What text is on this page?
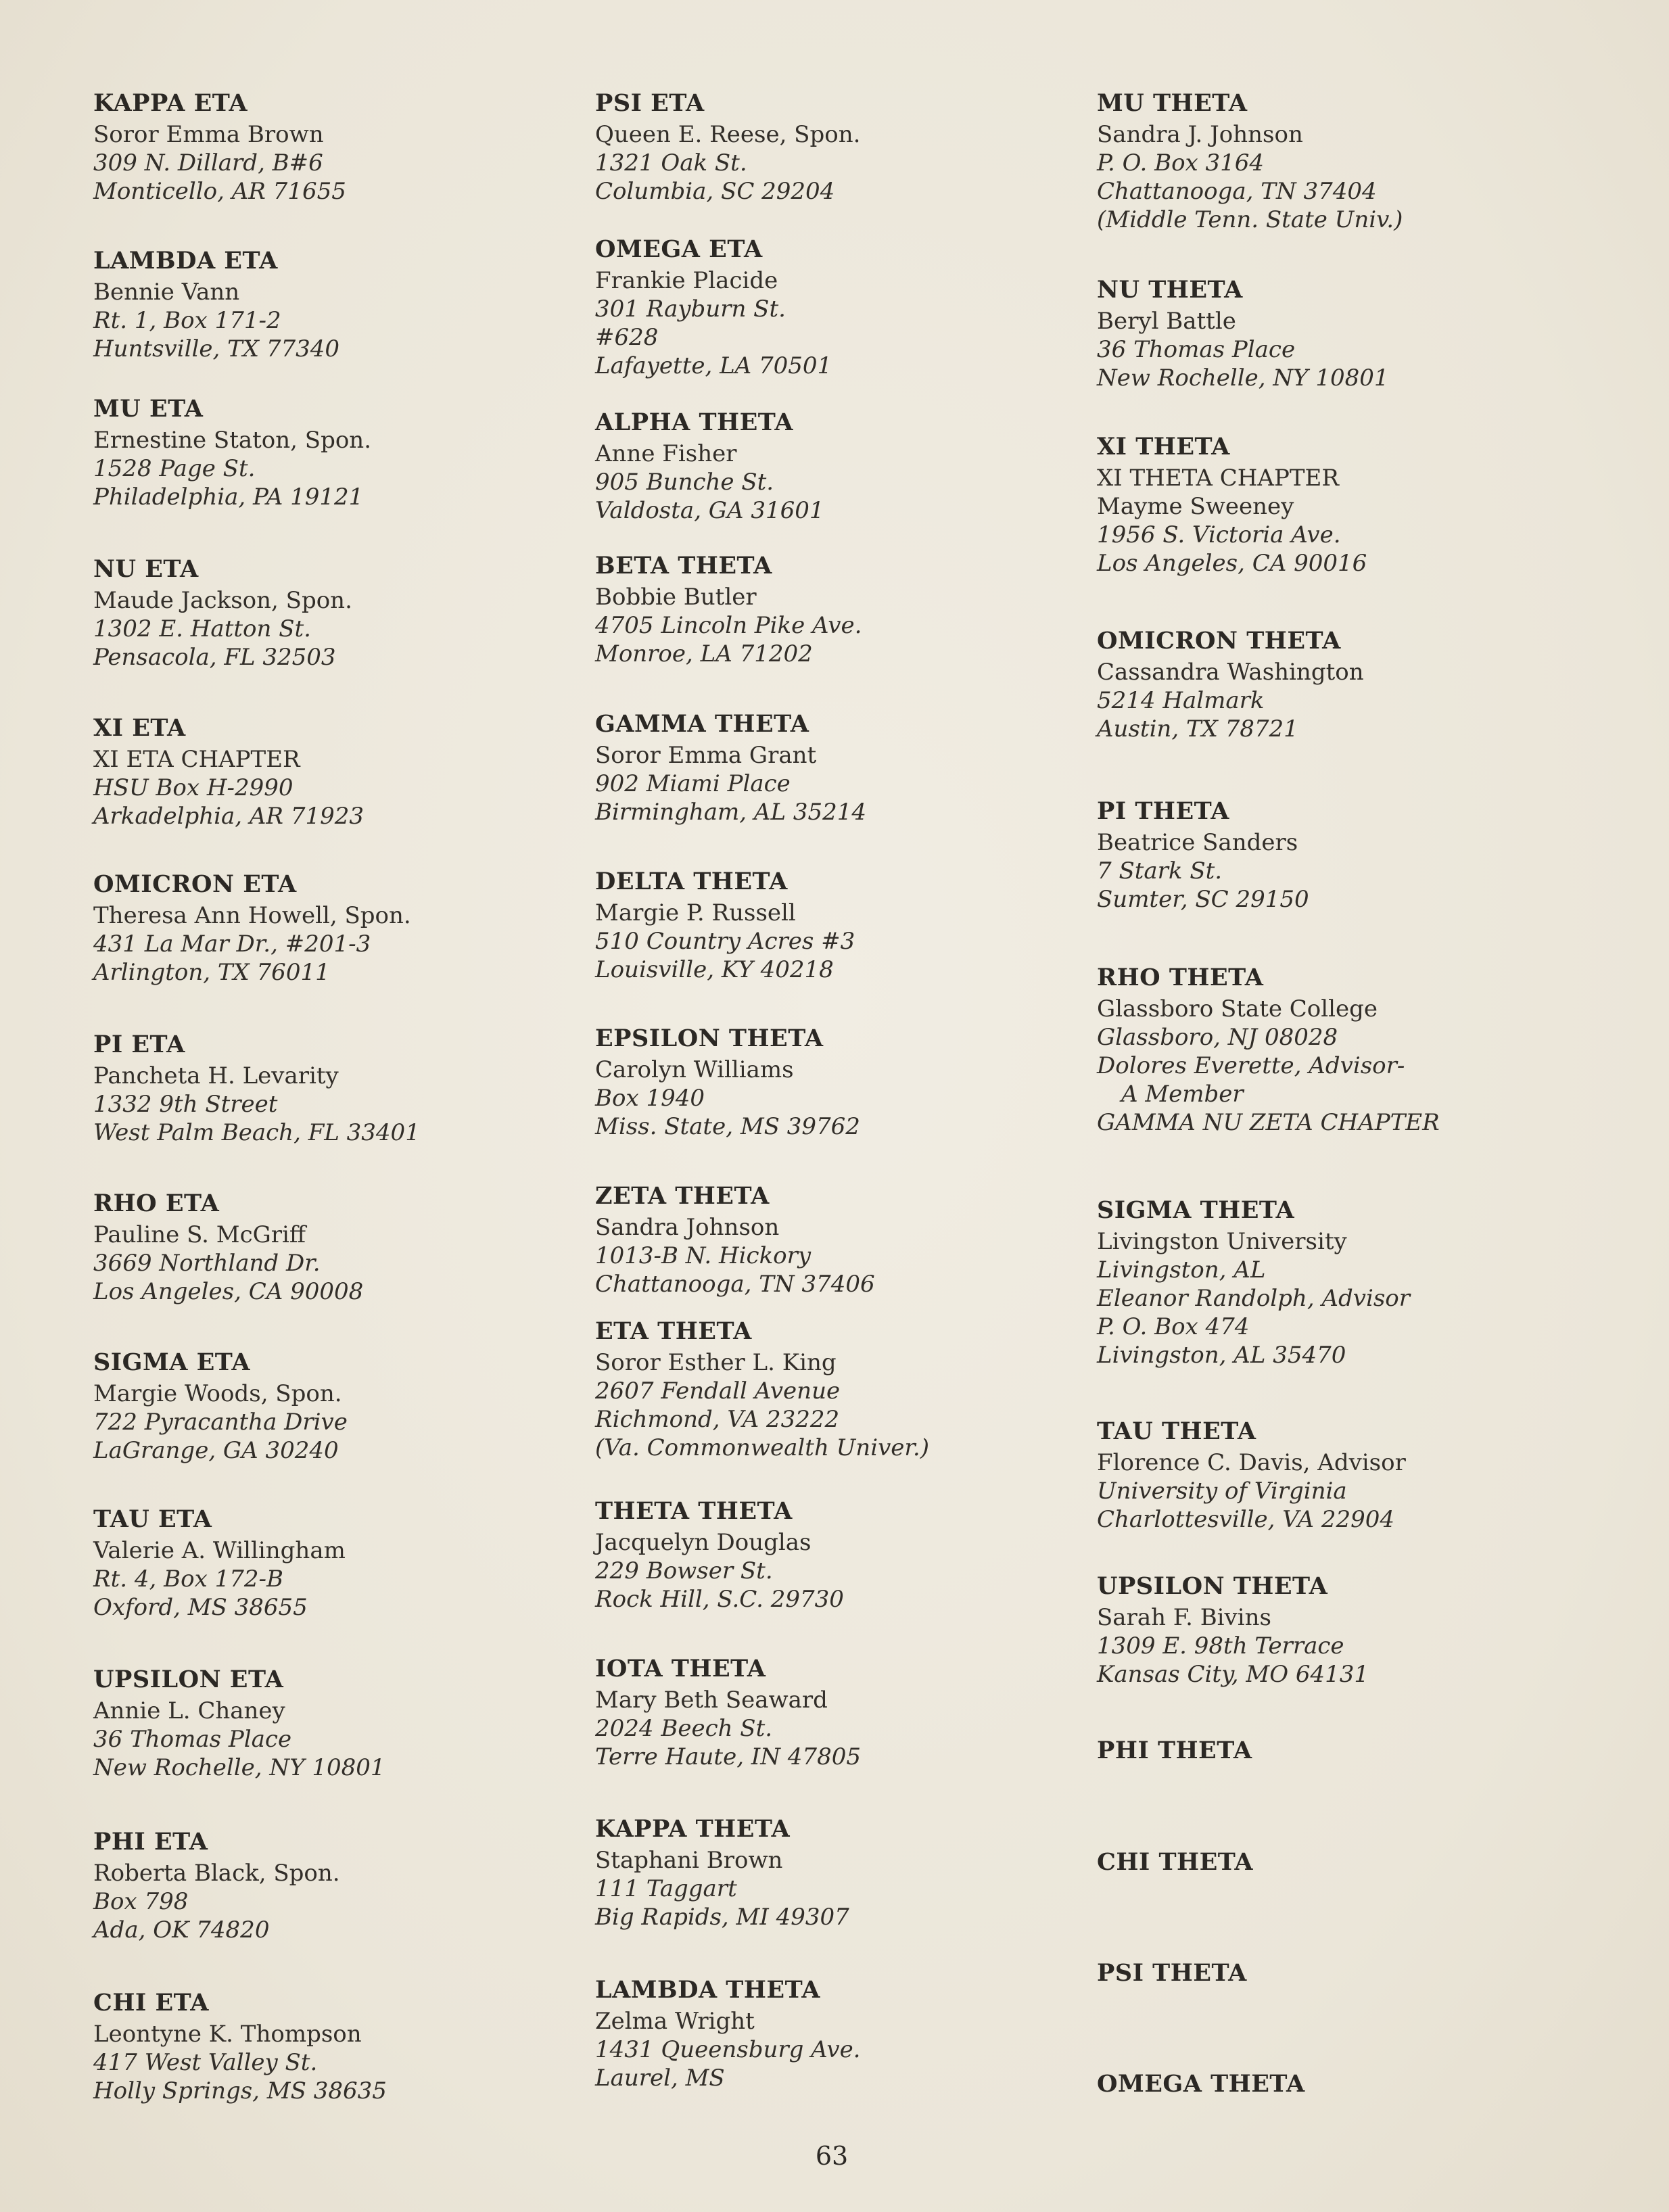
KAPPA ETA
Soror Emma Brown
309 N. Dillard, B#6
Monticello, AR 71655
LAMBDA ETA
Bennie Vann
Rt. 1, Box 171-2
Huntsville, TX 77340
MU ETA
Ernestine Staton, Spon.
1528 Page St.
Philadelphia, PA 19121
NU ETA
Maude Jackson, Spon.
1302 E. Hatton St.
Pensacola, FL 32503
XI ETA
XI ETA CHAPTER
HSU Box H-2990
Arkadelphia, AR 71923
OMICRON ETA
Theresa Ann Howell, Spon.
431 La Mar Dr., #201-3
Arlington, TX 76011
PI ETA
Pancheta H. Levarity
1332 9th Street
West Palm Beach, FL 33401
RHO ETA
Pauline S. McGriff
3669 Northland Dr.
Los Angeles, CA 90008
SIGMA ETA
Margie Woods, Spon.
722 Pyracantha Drive
LaGrange, GA 30240
TAU ETA
Valerie A. Willingham
Rt. 4, Box 172-B
Oxford, MS 38655
UPSILON ETA
Annie L. Chaney
36 Thomas Place
New Rochelle, NY 10801
PHI ETA
Roberta Black, Spon.
Box 798
Ada, OK 74820
CHI ETA
Leontyne K. Thompson
417 West Valley St.
Holly Springs, MS 38635
PSI ETA
Queen E. Reese, Spon.
1321 Oak St.
Columbia, SC 29204
OMEGA ETA
Frankie Placide
301 Rayburn St.
#628
Lafayette, LA 70501
ALPHA THETA
Anne Fisher
905 Bunche St.
Valdosta, GA 31601
BETA THETA
Bobbie Butler
4705 Lincoln Pike Ave.
Monroe, LA 71202
GAMMA THETA
Soror Emma Grant
902 Miami Place
Birmingham, AL 35214
DELTA THETA
Margie P. Russell
510 Country Acres #3
Louisville, KY 40218
EPSILON THETA
Carolyn Williams
Box 1940
Miss. State, MS 39762
ZETA THETA
Sandra Johnson
1013-B N. Hickory
Chattanooga, TN 37406
ETA THETA
Soror Esther L. King
2607 Fendall Avenue
Richmond, VA 23222
(Va. Commonwealth Univer.)
THETA THETA
Jacquelyn Douglas
229 Bowser St.
Rock Hill, S.C. 29730
IOTA THETA
Mary Beth Seaward
2024 Beech St.
Terre Haute, IN 47805
KAPPA THETA
Staphani Brown
111 Taggart
Big Rapids, MI 49307
LAMBDA THETA
Zelma Wright
1431 Queensburg Ave.
Laurel, MS
MU THETA
Sandra J. Johnson
P. O. Box 3164
Chattanooga, TN 37404
(Middle Tenn. State Univ.)
NU THETA
Beryl Battle
36 Thomas Place
New Rochelle, NY 10801
XI THETA
XI THETA CHAPTER
Mayme Sweeney
1956 S. Victoria Ave.
Los Angeles, CA 90016
OMICRON THETA
Cassandra Washington
5214 Halmark
Austin, TX 78721
PI THETA
Beatrice Sanders
7 Stark St.
Sumter, SC 29150
RHO THETA
Glassboro State College
Glassboro, NJ 08028
Dolores Everette, Advisor-
A Member
GAMMA NU ZETA CHAPTER
SIGMA THETA
Livingston University
Livingston, AL
Eleanor Randolph, Advisor
P. O. Box 474
Livingston, AL 35470
TAU THETA
Florence C. Davis, Advisor
University of Virginia
Charlottesville, VA 22904
UPSILON THETA
Sarah F. Bivins
1309 E. 98th Terrace
Kansas City, MO 64131
PHI THETA
CHI THETA
PSI THETA
OMEGA THETA
63
